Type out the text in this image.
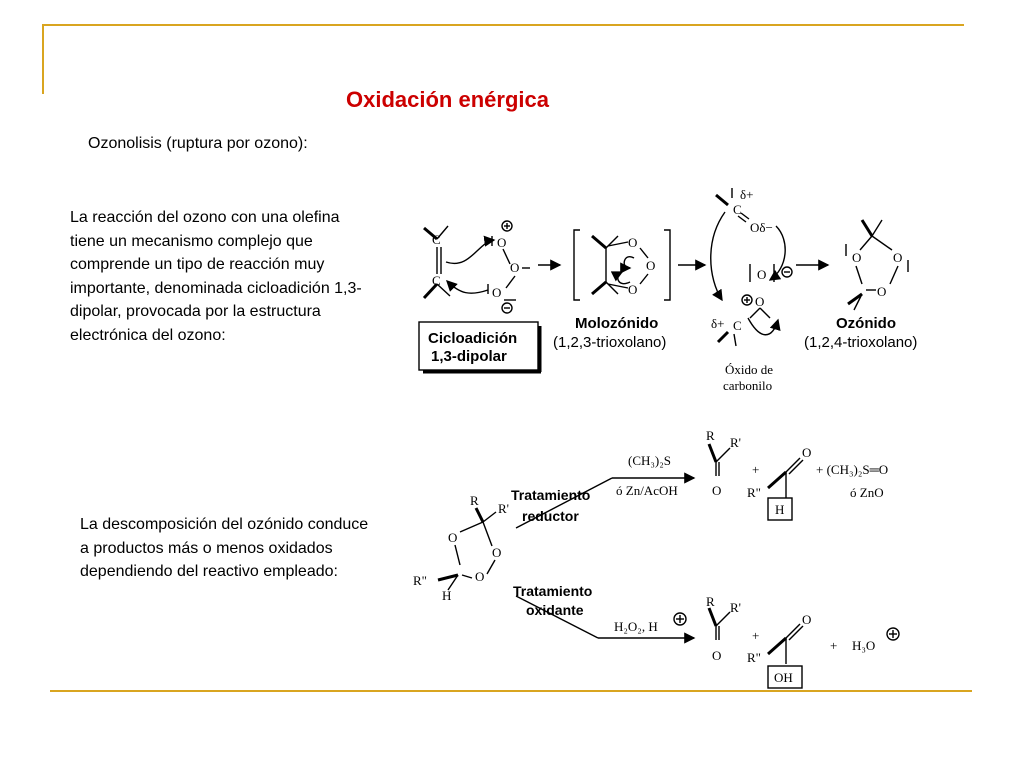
Oxidación enérgica
Ozonolisis (ruptura por ozono):
La reacción del ozono con una olefina tiene un mecanismo complejo que comprende un tipo de reacción muy importante, denominada cicloadición 1,3-dipolar, provocada por la estructura electrónica del ozono:
La descomposición del ozónido conduce a productos más o menos oxidados dependiendo del reactivo empleado:
C
C
O
O
O
O
O
O
C
δ+
Oδ−
O
O
δ+ C
O O
O
Óxido de
carbonilo
Cicloadición
1,3-dipolar
Molozónido
(1,2,3-trioxolano)
Ozónido
(1,2,4-trioxolano)
Tratamiento
reductor
Tratamiento
oxidante
R
R'
O
O
O
R"
H
(CH₃)₂S
ó Zn/AcOH
R R'
O
+
O
R"
H
+ (CH₃)₂S═O
ó ZnO
H₂O₂, H
R R'
O
+
O
R"
OH
+ H₃O
